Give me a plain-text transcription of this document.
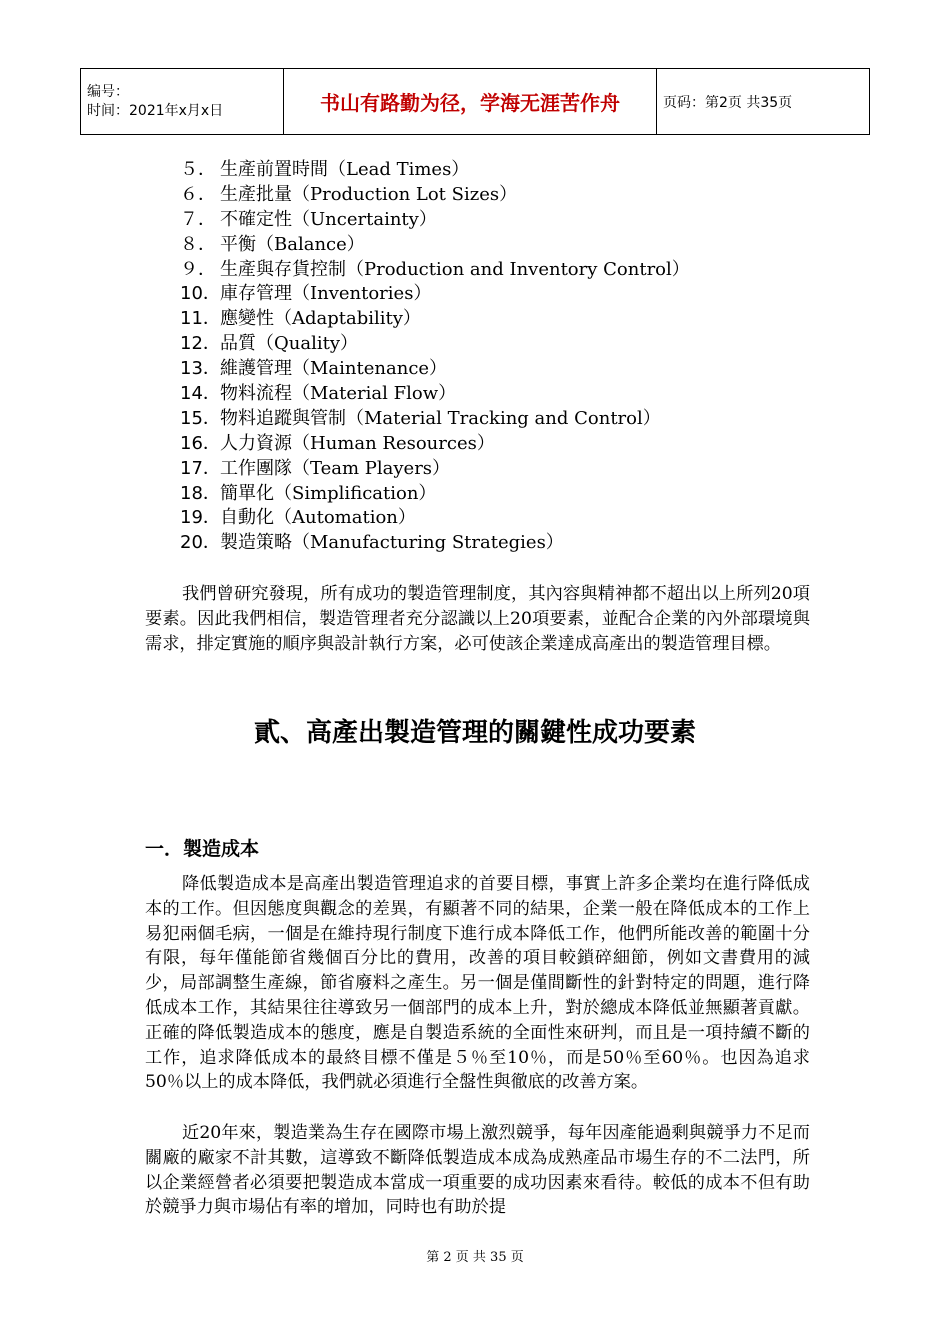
编号：
时间：2021年x月x日	书山有路勤为径，学海无涯苦作舟	页码：第2页 共35页
５． 生產前置時間（Lead Times）
６． 生產批量（Production Lot Sizes）
７． 不確定性（Uncertainty）
８． 平衡（Balance）
９． 生產與存貨控制（Production and Inventory Control）
10．庫存管理（Inventories）
11．應變性（Adaptability）
12．品質（Quality）
13．維護管理（Maintenance）
14．物料流程（Material Flow）
15．物料追蹤與管制（Material Tracking and Control）
16．人力資源（Human Resources）
17．工作團隊（Team Players）
18．簡單化（Simplification）
19．自動化（Automation）
20．製造策略（Manufacturing Strategies）

我們曾研究發現，所有成功的製造管理制度，其內容與精神都不超出以上所列20項要素。因此我們相信，製造管理者充分認識以上20項要素，並配合企業的內外部環境與需求，排定實施的順序與設計執行方案，必可使該企業達成高產出的製造管理目標。

貳、高產出製造管理的關鍵性成功要素
一．製造成本

降低製造成本是高產出製造管理追求的首要目標，事實上許多企業均在進行降低成本的工作。但因態度與觀念的差異，有顯著不同的結果，企業一般在降低成本的工作上易犯兩個毛病，一個是在維持現行制度下進行成本降低工作，他們所能改善的範圍十分有限，每年僅能節省幾個百分比的費用，改善的項目較鎖碎細節，例如文書費用的減少，局部調整生產線，節省廢料之產生。另一個是僅間斷性的針對特定的問題，進行降低成本工作，其結果往往導致另一個部門的成本上升，對於總成本降低並無顯著貢獻。正確的降低製造成本的態度，應是自製造系統的全面性來研判，而且是一項持續不斷的工作，追求降低成本的最終目標不僅是５％至10％，而是50％至60％。也因為追求50％以上的成本降低，我們就必須進行全盤性與徹底的改善方案。

近20年來，製造業為生存在國際市場上激烈競爭，每年因產能過剩與競爭力不足而關廠的廠家不計其數，這導致不斷降低製造成本成為成熟產品市場生存的不二法門，所以企業經營者必須要把製造成本當成一項重要的成功因素來看待。較低的成本不但有助於競爭力與市場佔有率的增加，同時也有助於提

第 2 页 共 35 页
